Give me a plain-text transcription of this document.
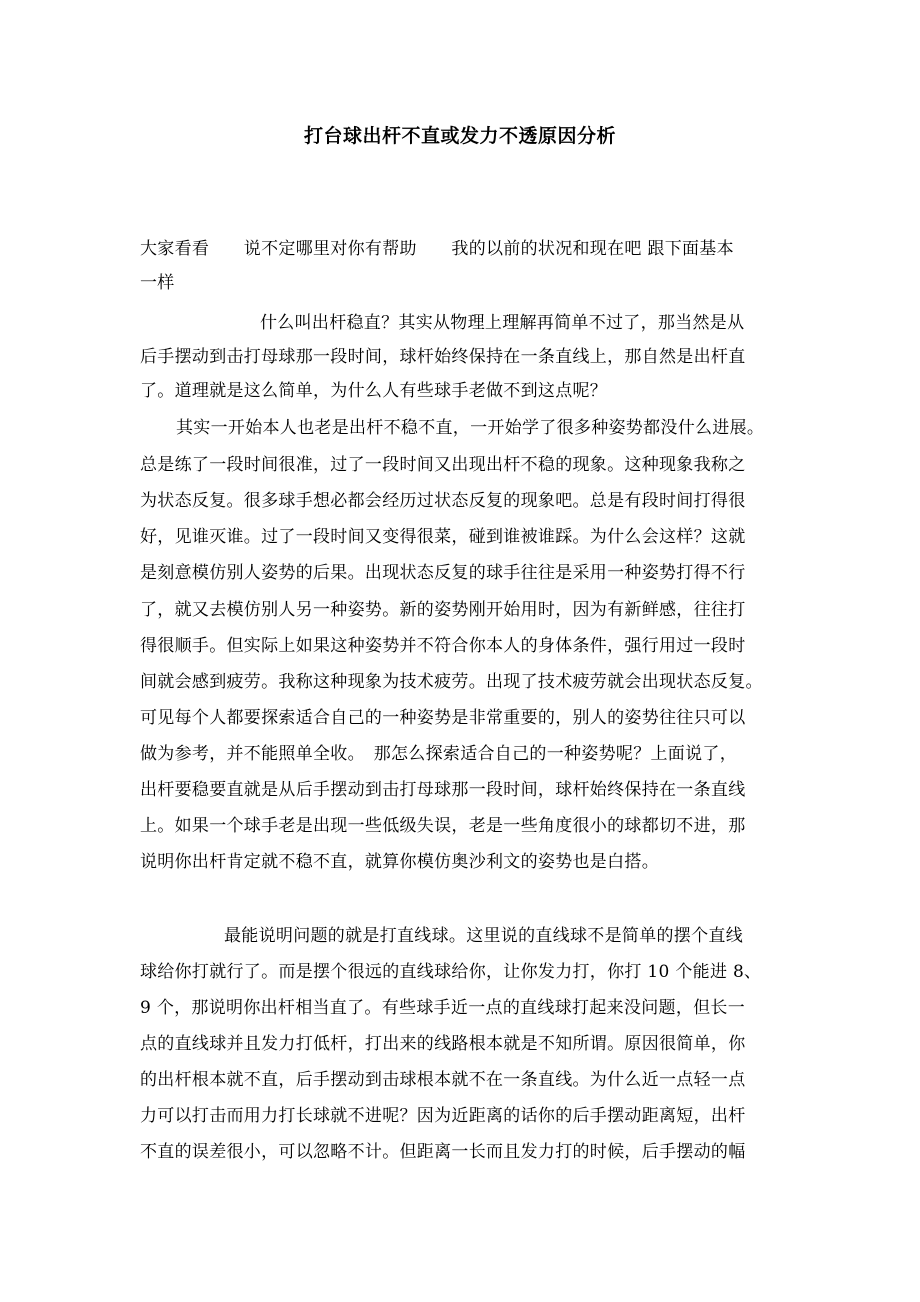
打台球出杆不直或发力不透原因分析
大家看看　　说不定哪里对你有帮助　　我的以前的状况和现在吧 跟下面基本
一样
什么叫出杆稳直？其实从物理上理解再简单不过了，那当然是从
后手摆动到击打母球那一段时间，球杆始终保持在一条直线上，那自然是出杆直
了。道理就是这么简单，为什么人有些球手老做不到这点呢？
其实一开始本人也老是出杆不稳不直，一开始学了很多种姿势都没什么进展。
总是练了一段时间很准，过了一段时间又出现出杆不稳的现象。这种现象我称之
为状态反复。很多球手想必都会经历过状态反复的现象吧。总是有段时间打得很
好，见谁灭谁。过了一段时间又变得很菜，碰到谁被谁踩。为什么会这样？这就
是刻意模仿别人姿势的后果。出现状态反复的球手往往是采用一种姿势打得不行
了，就又去模仿别人另一种姿势。新的姿势刚开始用时，因为有新鲜感，往往打
得很顺手。但实际上如果这种姿势并不符合你本人的身体条件，强行用过一段时
间就会感到疲劳。我称这种现象为技术疲劳。出现了技术疲劳就会出现状态反复。
可见每个人都要探索适合自己的一种姿势是非常重要的，别人的姿势往往只可以
做为参考，并不能照单全收。　那怎么探索适合自己的一种姿势呢？上面说了，
出杆要稳要直就是从后手摆动到击打母球那一段时间，球杆始终保持在一条直线
上。如果一个球手老是出现一些低级失误，老是一些角度很小的球都切不进，那
说明你出杆肯定就不稳不直，就算你模仿奥沙利文的姿势也是白搭。
最能说明问题的就是打直线球。这里说的直线球不是简单的摆个直线
球给你打就行了。而是摆个很远的直线球给你，让你发力打，你打 10 个能进 8、
9 个，那说明你出杆相当直了。有些球手近一点的直线球打起来没问题，但长一
点的直线球并且发力打低杆，打出来的线路根本就是不知所谓。原因很简单，你
的出杆根本就不直，后手摆动到击球根本就不在一条直线。为什么近一点轻一点
力可以打击而用力打长球就不进呢？因为近距离的话你的后手摆动距离短，出杆
不直的误差很小，可以忽略不计。但距离一长而且发力打的时候，后手摆动的幅
